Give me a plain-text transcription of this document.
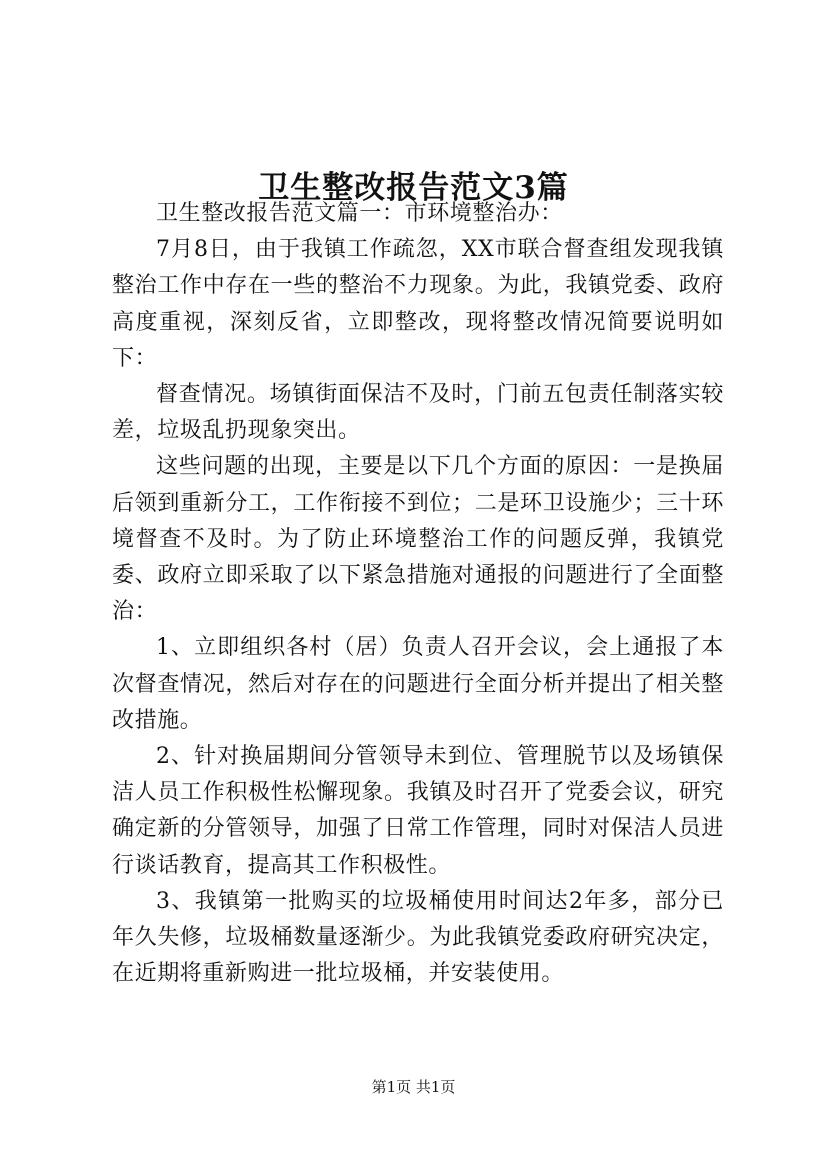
卫生整改报告范文3篇

卫生整改报告范文篇一：市环境整治办：

7月8日，由于我镇工作疏忽，XX市联合督查组发现我镇整治工作中存在一些的整治不力现象。为此，我镇党委、政府高度重视，深刻反省，立即整改，现将整改情况简要说明如下：

督查情况。场镇街面保洁不及时，门前五包责任制落实较差，垃圾乱扔现象突出。

这些问题的出现，主要是以下几个方面的原因：一是换届后领到重新分工，工作衔接不到位；二是环卫设施少；三十环境督查不及时。为了防止环境整治工作的问题反弹，我镇党委、政府立即采取了以下紧急措施对通报的问题进行了全面整治：

1、立即组织各村（居）负责人召开会议，会上通报了本次督查情况，然后对存在的问题进行全面分析并提出了相关整改措施。

2、针对换届期间分管领导未到位、管理脱节以及场镇保洁人员工作积极性松懈现象。我镇及时召开了党委会议，研究确定新的分管领导，加强了日常工作管理，同时对保洁人员进行谈话教育，提高其工作积极性。

3、我镇第一批购买的垃圾桶使用时间达2年多，部分已年久失修，垃圾桶数量逐渐少。为此我镇党委政府研究决定，在近期将重新购进一批垃圾桶，并安装使用。

第1页 共1页
